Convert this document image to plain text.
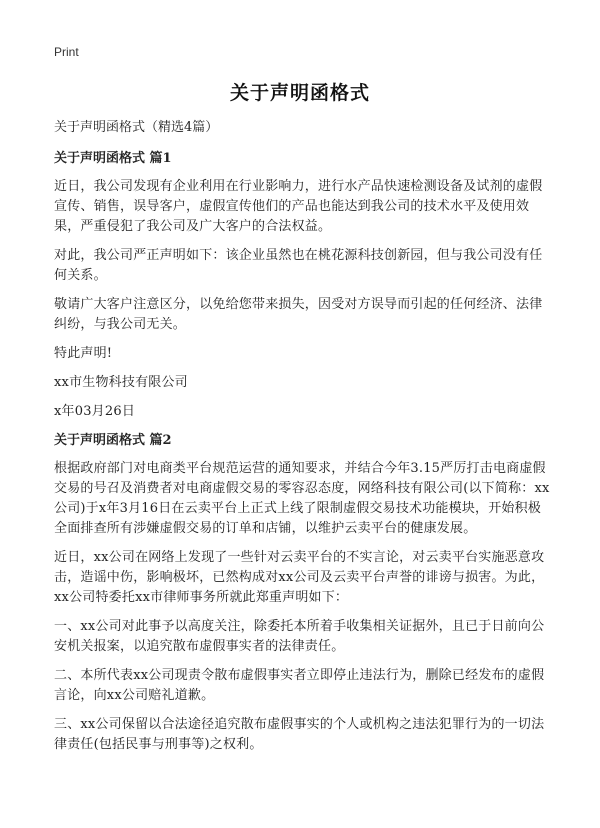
Print
关于声明函格式
关于声明函格式（精选4篇）
关于声明函格式 篇1

近日，我公司发现有企业利用在行业影响力，进行水产品快速检测设备及试剂的虚假宣传、销售，误导客户，虚假宣传他们的产品也能达到我公司的技术水平及使用效果，严重侵犯了我公司及广大客户的合法权益。

对此，我公司严正声明如下：该企业虽然也在桃花源科技创新园，但与我公司没有任何关系。

敬请广大客户注意区分，以免给您带来损失，因受对方误导而引起的任何经济、法律纠纷，与我公司无关。

特此声明!

xx市生物科技有限公司

x年03月26日

关于声明函格式 篇2

根据政府部门对电商类平台规范运营的通知要求，并结合今年3.15严厉打击电商虚假交易的号召及消费者对电商虚假交易的零容忍态度，网络科技有限公司(以下简称：xx公司)于x年3月16日在云卖平台上正式上线了限制虚假交易技术功能模块，开始积极全面排查所有涉嫌虚假交易的订单和店铺，以维护云卖平台的健康发展。

近日，xx公司在网络上发现了一些针对云卖平台的不实言论，对云卖平台实施恶意攻击，造谣中伤，影响极坏，已然构成对xx公司及云卖平台声誉的诽谤与损害。为此，xx公司特委托xx市律师事务所就此郑重声明如下：

一、xx公司对此事予以高度关注，除委托本所着手收集相关证据外，且已于日前向公安机关报案，以追究散布虚假事实者的法律责任。

二、本所代表xx公司现责令散布虚假事实者立即停止违法行为，删除已经发布的虚假言论，向xx公司赔礼道歉。

三、xx公司保留以合法途径追究散布虚假事实的个人或机构之违法犯罪行为的一切法律责任(包括民事与刑事等)之权利。
